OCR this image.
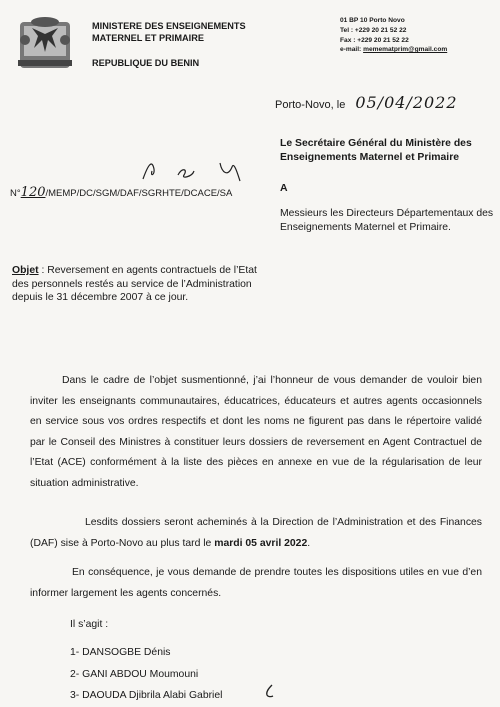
MINISTERE DES ENSEIGNEMENTS
MATERNEL ET PRIMAIRE
REPUBLIQUE DU BENIN
01 BP 10 Porto Novo
Tel : +229 20 21 52 22
Fax : +229 20 21 52 22
e-mail: memematprim@gmail.com
Porto-Novo, le 05/04/2022
Le Secrétaire Général du Ministère des Enseignements Maternel et Primaire
A
Messieurs les Directeurs Départementaux des Enseignements Maternel et Primaire.
N° 120 /MEMP/DC/SGM/DAF/SGRHTE/DCACE/SA
Objet : Reversement en agents contractuels de l’Etat des personnels restés au service de l’Administration depuis le 31 décembre 2007 à ce jour.
Dans le cadre de l’objet susmentionné, j’ai l’honneur de vous demander de vouloir bien inviter les enseignants communautaires, éducatrices, éducateurs et autres agents occasionnels en service sous vos ordres respectifs et dont les noms ne figurent pas dans le répertoire validé par le Conseil des Ministres à constituer leurs dossiers de reversement en Agent Contractuel de l’Etat (ACE) conformément à la liste des pièces en annexe en vue de la régularisation de leur situation administrative.
Lesdits dossiers seront acheminés à la Direction de l’Administration et des Finances (DAF) sise à Porto-Novo au plus tard le mardi 05 avril 2022.
En conséquence, je vous demande de prendre toutes les dispositions utiles en vue d’en informer largement les agents concernés.
Il s’agit :
1- DANSOGBE Dénis
2- GANI ABDOU Moumouni
3- DAOUDA Djibrila Alabi Gabriel
